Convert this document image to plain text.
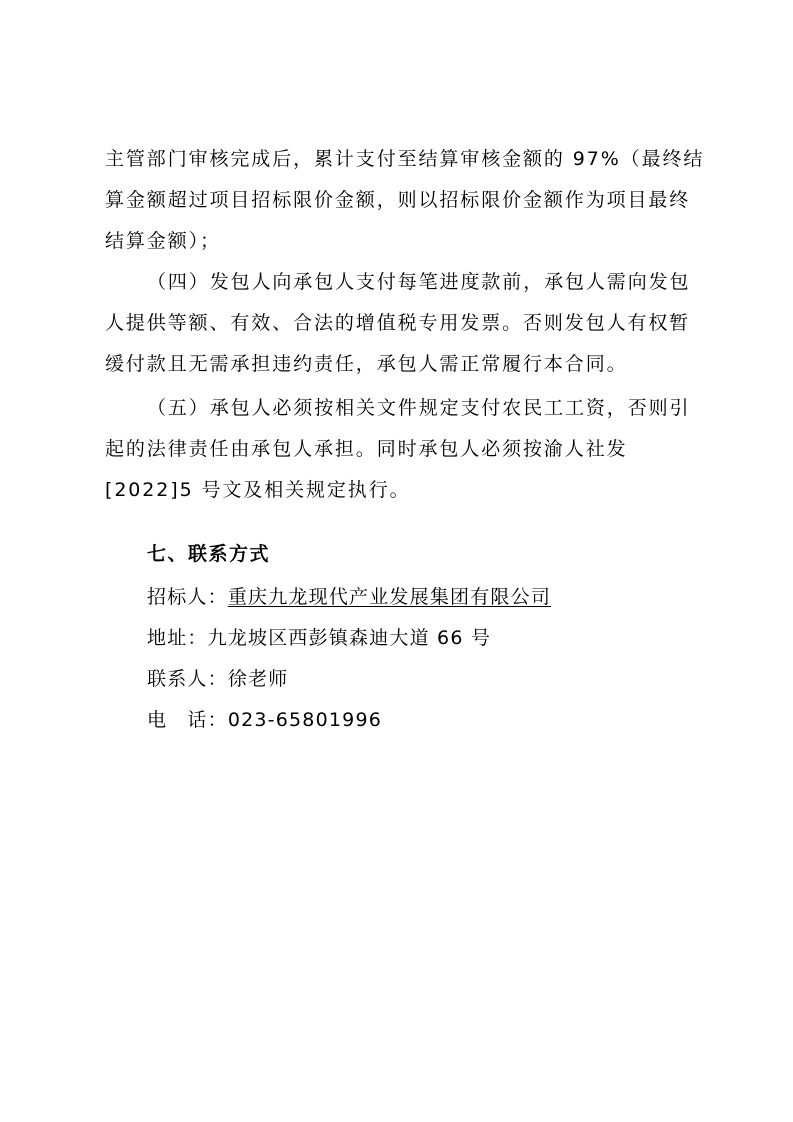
主管部门审核完成后，累计支付至结算审核金额的 97%（最终结
算金额超过项目招标限价金额，则以招标限价金额作为项目最终
结算金额）；
（四）发包人向承包人支付每笔进度款前，承包人需向发包
人提供等额、有效、合法的增值税专用发票。否则发包人有权暂
缓付款且无需承担违约责任，承包人需正常履行本合同。
（五）承包人必须按相关文件规定支付农民工工资，否则引
起的法律责任由承包人承担。同时承包人必须按渝人社发
[2022]5 号文及相关规定执行。
七、联系方式
招标人：重庆九龙现代产业发展集团有限公司
地址：九龙坡区西彭镇森迪大道 66 号
联系人：徐老师
电　话：023-65801996
